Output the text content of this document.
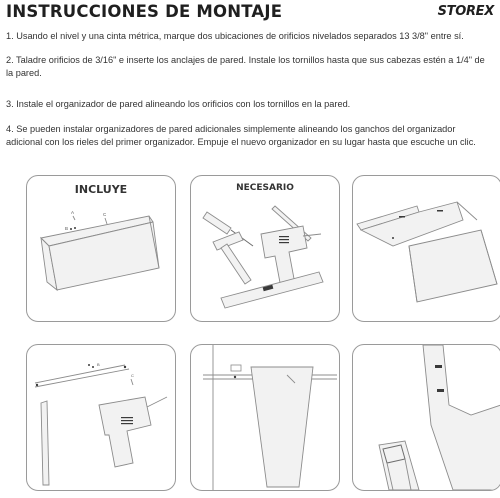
INSTRUCCIONES DE MONTAJE	STOREX

1. Usando el nivel y una cinta métrica, marque dos ubicaciones de orificios nivelados separados 13 3/8" entre sí.

2. Taladre orificios de 3/16" e inserte los anclajes de pared. Instale los tornillos hasta que sus cabezas estén a 1/4" de la pared.

3. Instale el organizador de pared alineando los orificios con los tornillos en la pared.

4. Se pueden instalar organizadores de pared adicionales simplemente alineando los ganchos del organizador adicional con los rieles del primer organizador. Empuje el nuevo organizador en su lugar hasta que escuche un clic.

INCLUYE
A	C
B
NECESARIO
B
C
